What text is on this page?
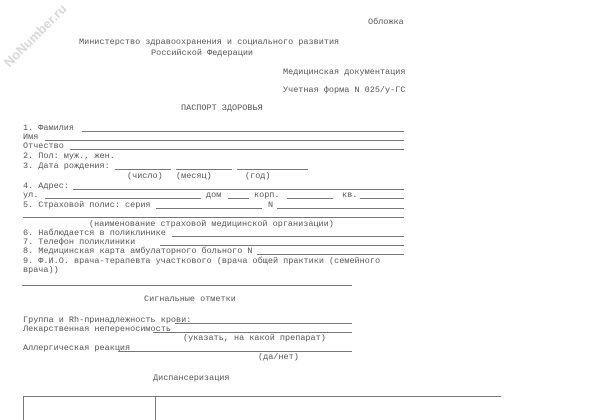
NoNumber.ru	Обложка
Министерство здравоохранения и социального развития
Российской Федерации
Медицинская документация
Учетная форма N 025/у-ГС
ПАСПОРТ ЗДОРОВЬЯ
1. Фамилия
Имя
Отчество
2. Пол: муж., жен.
3. Дата рождения:
(число) (месяц)	(год)
4. Адрес:
ул.	дом	корп.	кв.
5. Страховой полис: серия	N
(наименование страховой медицинской организации)
6. Наблюдается в поликлинике
7. Телефон поликлиники
8. Медицинская карта амбулаторного больного N
9. Ф.И.О. врача-терапевта участкового (врача общей практики (семейного
врача))
Сигнальные отметки
Группа и Rh-принадлежность крови:
Лекарственная непереносимость
(указать, на какой препарат)
Аллергическая реакция
(да/нет)
Диспансеризация
